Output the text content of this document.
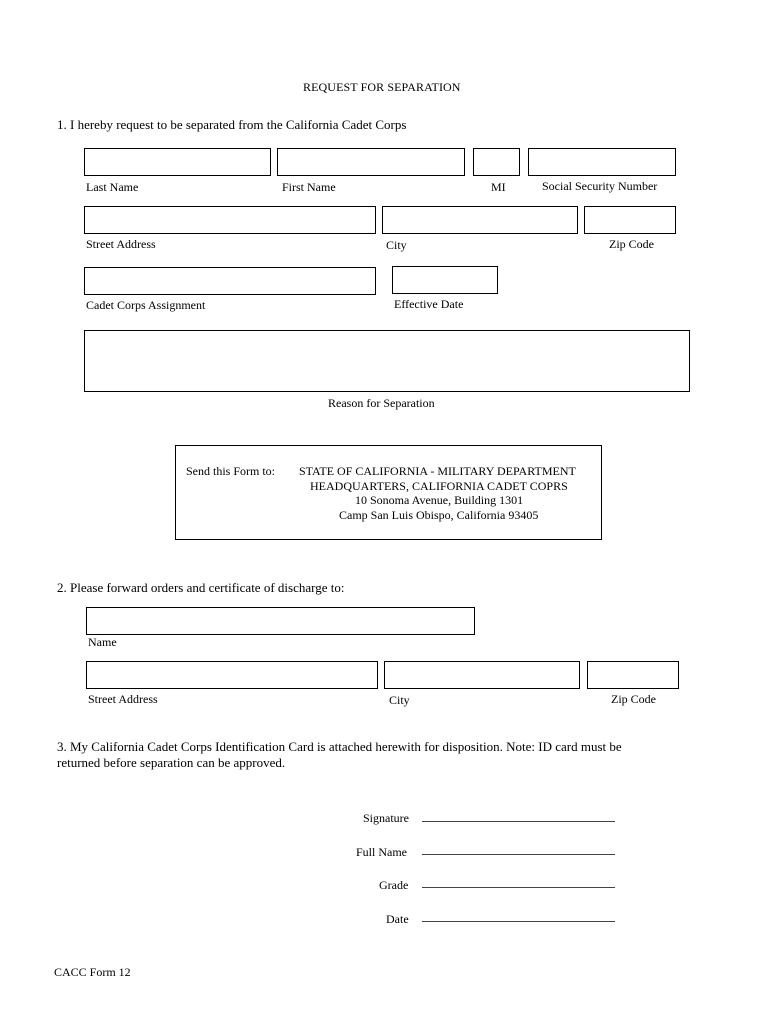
REQUEST FOR SEPARATION
1. I hereby request to be separated from the California Cadet Corps
Last Name	First Name	MI	Social Security Number
Street Address	City	Zip Code
Cadet Corps Assignment	Effective Date
Reason for Separation
Send this Form to: STATE OF CALIFORNIA - MILITARY DEPARTMENT
HEADQUARTERS, CALIFORNIA CADET COPRS
10 Sonoma Avenue, Building 1301
Camp San Luis Obispo, California 93405
2. Please forward orders and certificate of discharge to:
Name
Street Address	City	Zip Code
3. My California Cadet Corps Identification Card is attached herewith for disposition. Note: ID card must be
returned before separation can be approved.
Signature
Full Name
Grade
Date
CACC Form 12
